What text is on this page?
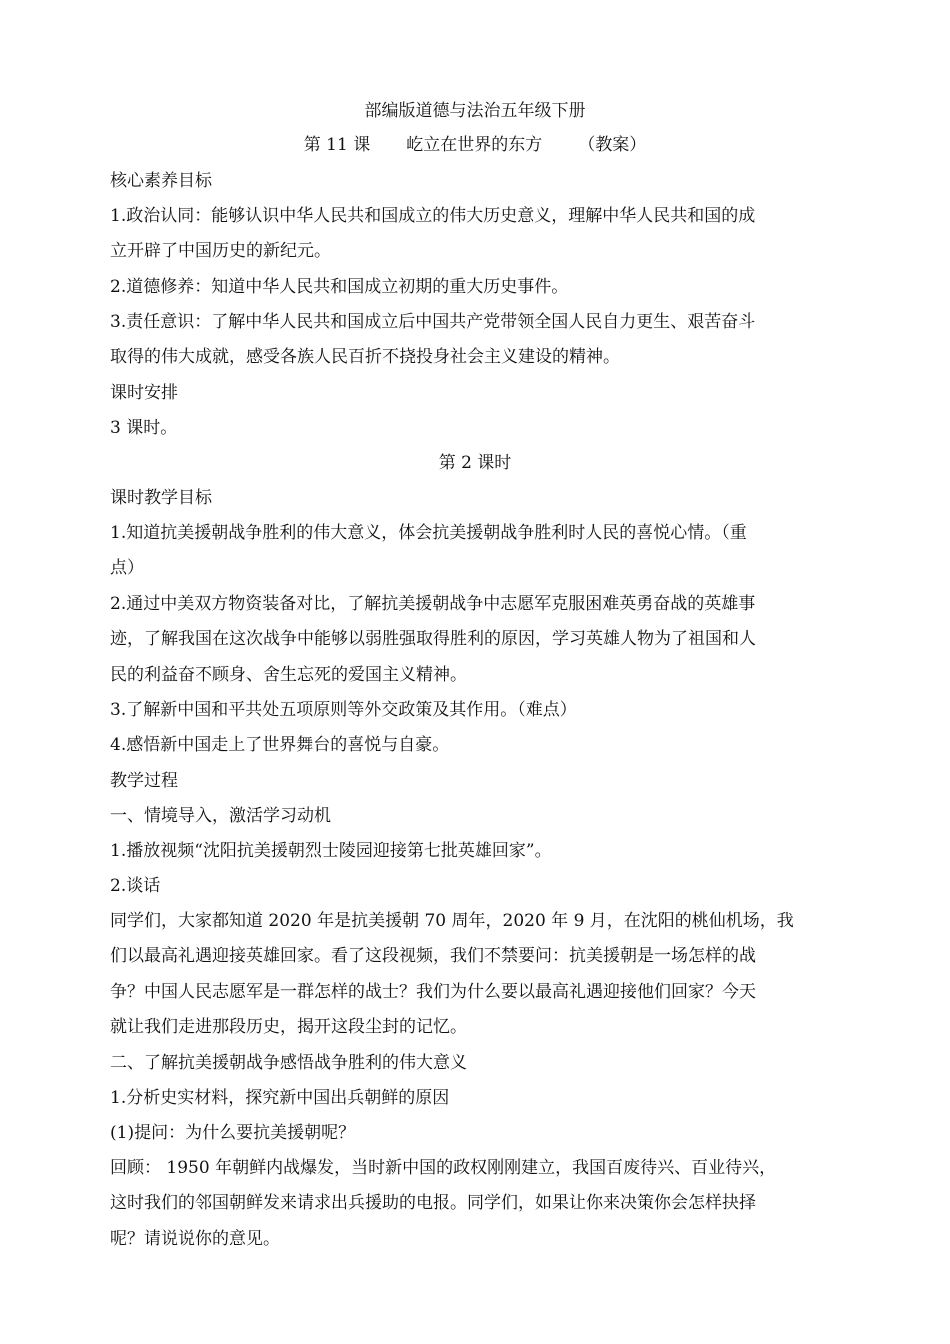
部编版道德与法治五年级下册
第 11 课 屹立在世界的东方 （教案）
核心素养目标
1.政治认同：能够认识中华人民共和国成立的伟大历史意义，理解中华人民共和国的成
立开辟了中国历史的新纪元。
2.道德修养：知道中华人民共和国成立初期的重大历史事件。
3.责任意识：了解中华人民共和国成立后中国共产党带领全国人民自力更生、艰苦奋斗
取得的伟大成就，感受各族人民百折不挠投身社会主义建设的精神。
课时安排
3 课时。
第 2 课时
课时教学目标
1.知道抗美援朝战争胜利的伟大意义，体会抗美援朝战争胜利时人民的喜悦心情。（重
点）
2.通过中美双方物资装备对比，了解抗美援朝战争中志愿军克服困难英勇奋战的英雄事
迹，了解我国在这次战争中能够以弱胜强取得胜利的原因，学习英雄人物为了祖国和人
民的利益奋不顾身、舍生忘死的爱国主义精神。
3.了解新中国和平共处五项原则等外交政策及其作用。（难点）
4.感悟新中国走上了世界舞台的喜悦与自豪。
教学过程
一、情境导入，激活学习动机
1.播放视频“沈阳抗美援朝烈士陵园迎接第七批英雄回家”。
2.谈话
同学们，大家都知道 2020 年是抗美援朝 70 周年，2020 年 9 月，在沈阳的桃仙机场，我
们以最高礼遇迎接英雄回家。看了这段视频，我们不禁要问：抗美援朝是一场怎样的战
争？中国人民志愿军是一群怎样的战士？我们为什么要以最高礼遇迎接他们回家？今天
就让我们走进那段历史，揭开这段尘封的记忆。
二、了解抗美援朝战争感悟战争胜利的伟大意义
1.分析史实材料，探究新中国出兵朝鲜的原因
(1)提问：为什么要抗美援朝呢？
回顾： 1950 年朝鲜内战爆发，当时新中国的政权刚刚建立，我国百废待兴、百业待兴，
这时我们的邻国朝鲜发来请求出兵援助的电报。同学们，如果让你来决策你会怎样抉择
呢？请说说你的意见。
